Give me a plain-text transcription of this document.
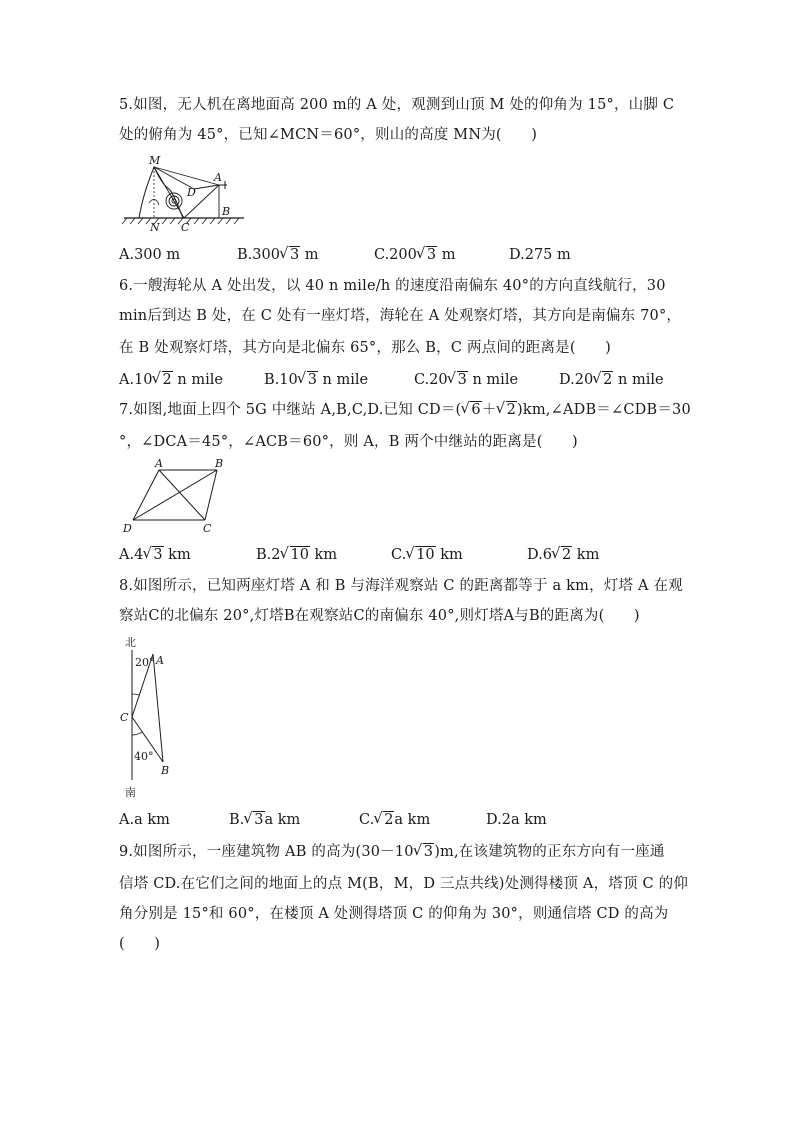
5.如图，无人机在离地面高 200 m的 A 处，观测到山顶 M 处的仰角为 15°，山脚 C
处的俯角为 45°，已知∠MCN＝60°，则山的高度 MN为(　　)
M
A
D
N C
B
A.300 m	B.300 √ 3 m	C.200 √ 3 m	D.275 m
6.一艘海轮从 A 处出发，以 40 n mile/h 的速度沿南偏东 40°的方向直线航行，30
min后到达 B 处，在 C 处有一座灯塔，海轮在 A 处观察灯塔，其方向是南偏东 70°，
在 B 处观察灯塔，其方向是北偏东 65°，那么 B，C 两点间的距离是(　　)
A.10 √ 2 n mile	B.10 √ 3 n mile	C.20 √ 3 n mile	D.20 √ 2 n mile
7.如图,地面上四个 5G 中继站 A,B,C,D.已知 CD＝( √ 6＋ √ 2)km,∠ADB＝∠CDB＝30
°，∠DCA＝45°，∠ACB＝60°，则 A，B 两个中继站的距离是(　　)
A	B
C
D
A.4 √ 3 km	B.2 √ 10 km	C. √ 10 km	D.6 √ 2 km
8.如图所示，已知两座灯塔 A 和 B 与海洋观察站 C 的距离都等于 a km，灯塔 A 在观
察站C的北偏东 20°,灯塔B在观察站C的南偏东 40°,则灯塔A与B的距离为(　　)
北
20° A
C
40°
B
南
A.a km	B. √ 3a km	C. √ 2a km	D.2a km
9.如图所示，一座建筑物 AB 的高为(30－10 √ 3)m,在该建筑物的正东方向有一座通
信塔 CD.在它们之间的地面上的点 M(B，M，D 三点共线)处测得楼顶 A，塔顶 C 的仰
角分别是 15°和 60°，在楼顶 A 处测得塔顶 C 的仰角为 30°，则通信塔 CD 的高为
(　　)
